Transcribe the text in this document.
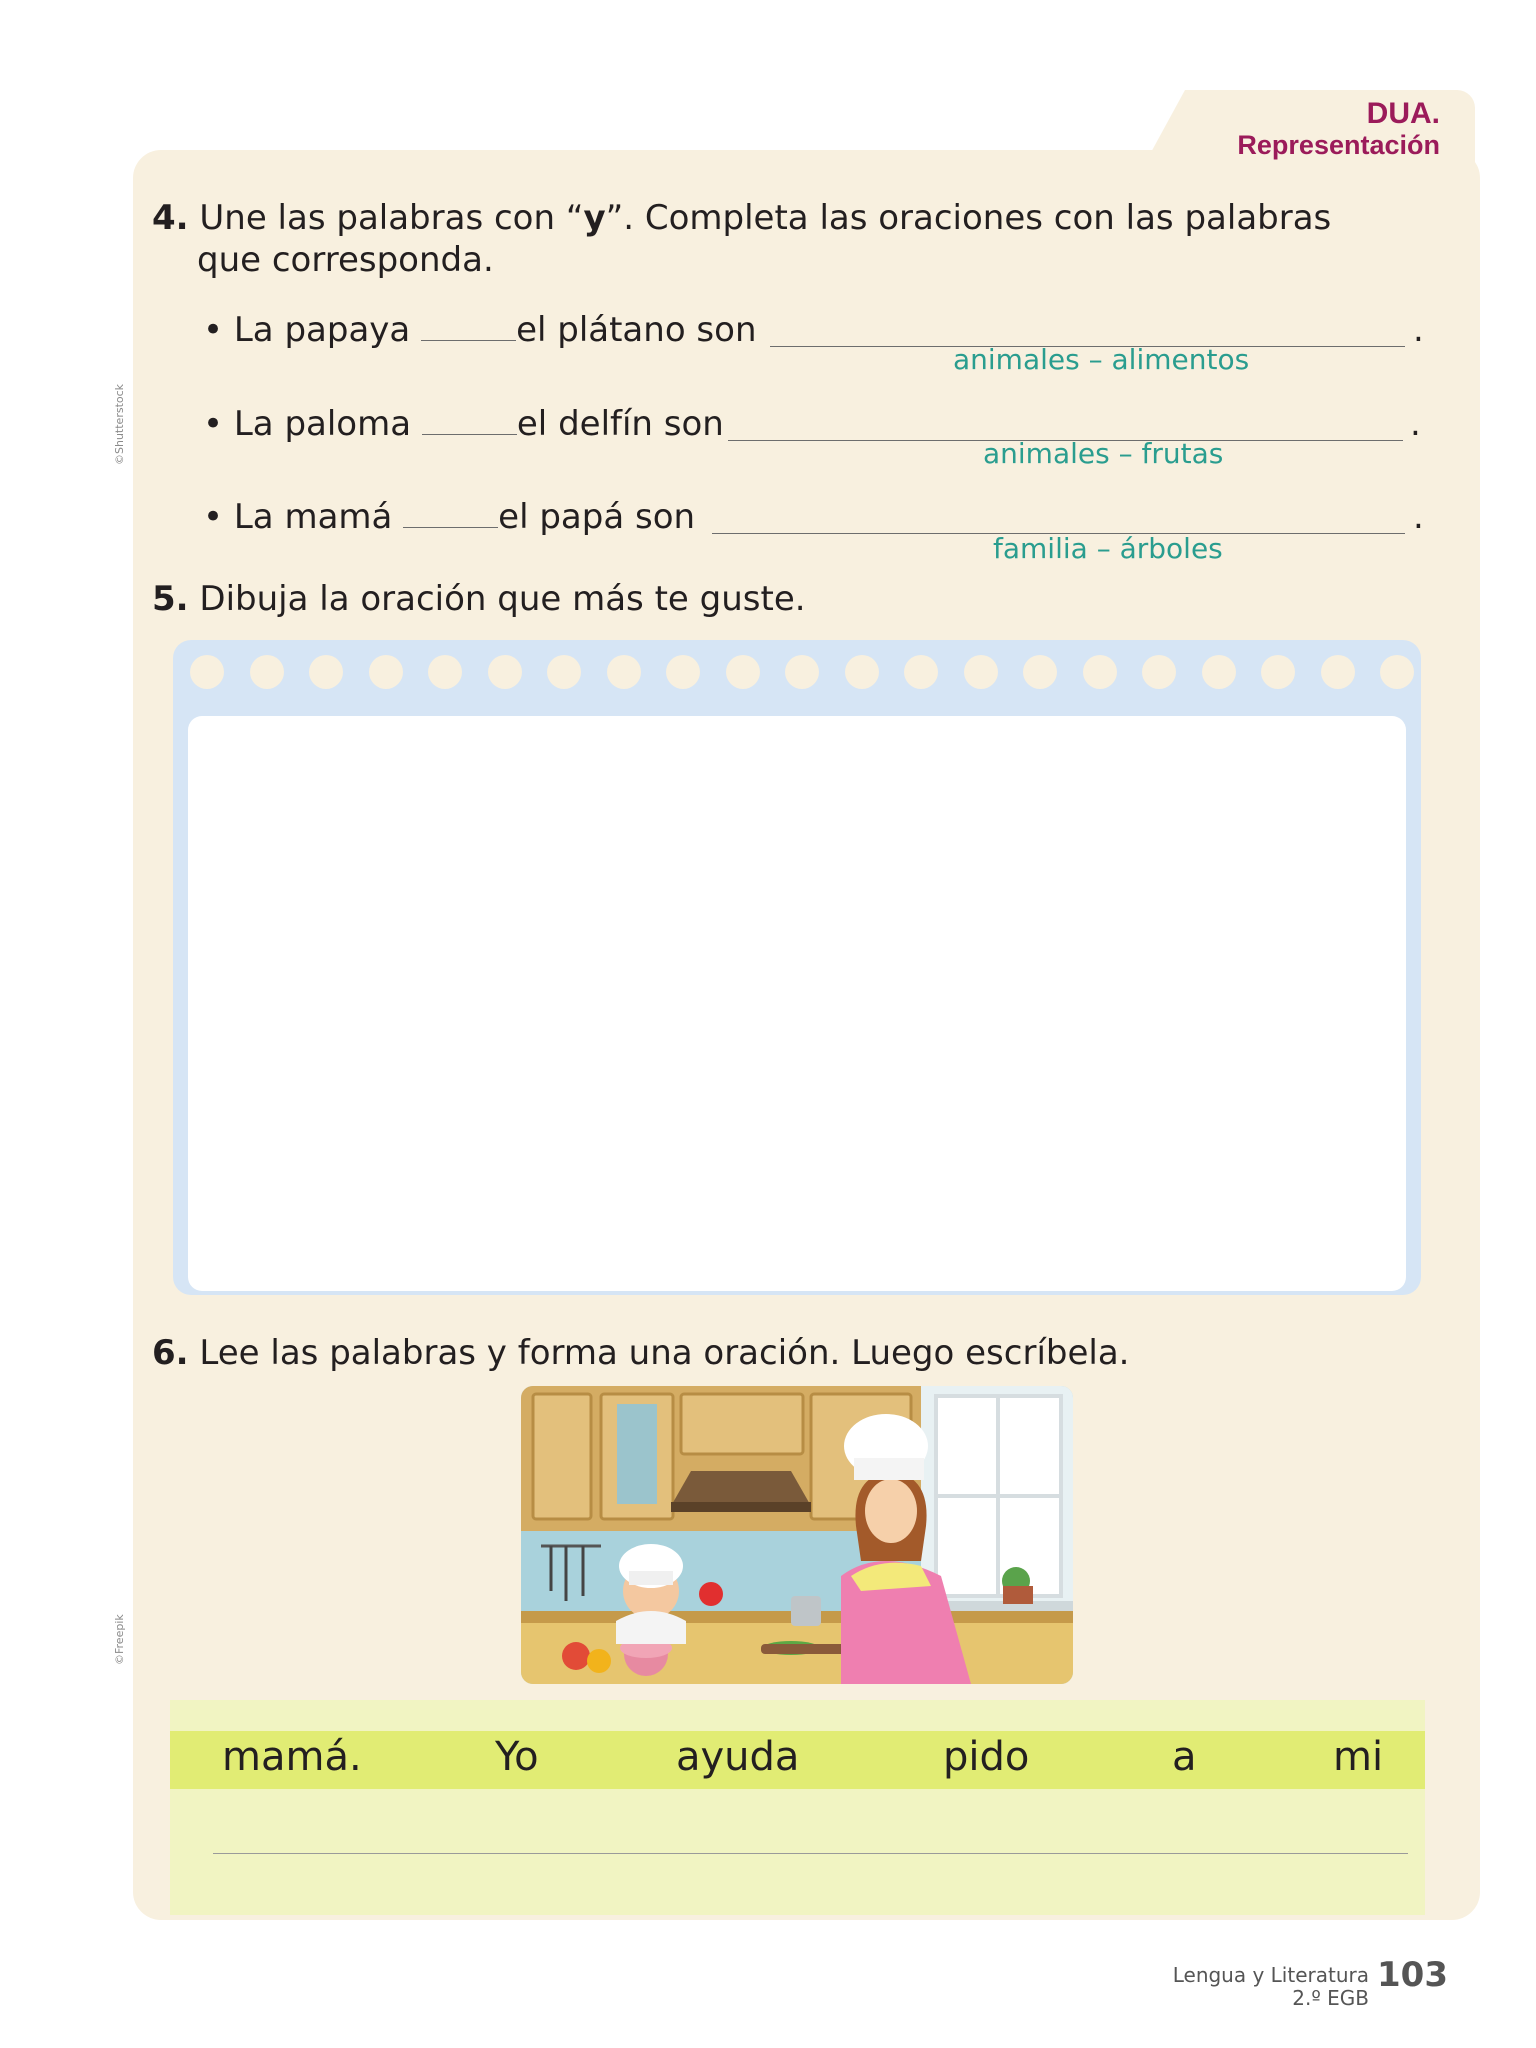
DUA.
Representación
©Shutterstock
©Freepik
4. Une las palabras con “y”. Completa las oraciones con las palabras
que corresponda.
• La papaya	el plátano son	.
animales – alimentos
• La paloma	el delfín son	.
animales – frutas
• La mamá	el papá son	.
familia – árboles
5. Dibuja la oración que más te guste.
6. Lee las palabras y forma una oración. Luego escríbela.
mamá.	Yo	ayuda	pido	a	mi
Lengua y Literatura
2.º EGB
103
